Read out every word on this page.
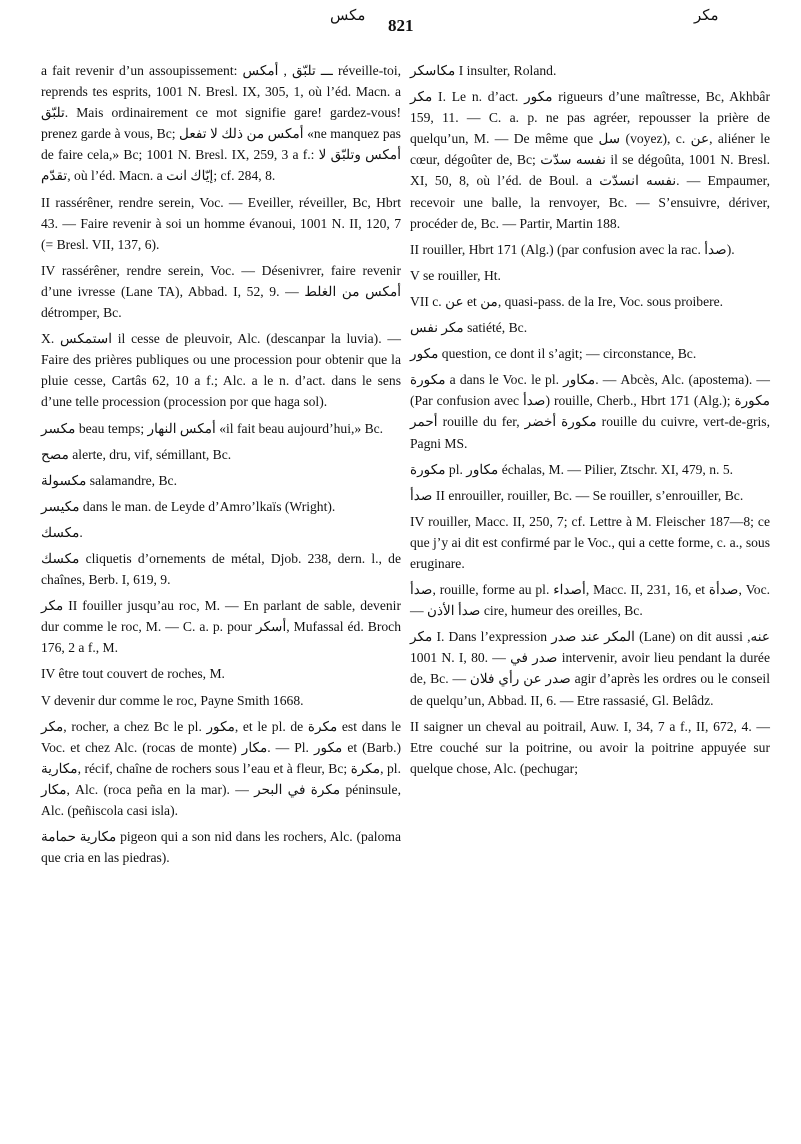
مكس
821
مكر

a fait revenir d’un assoupissement: ـــ تلبّق , أمكس réveille-toi, reprends tes esprits, 1001 N. Bresl. IX, 305, 1, où l’éd. Macn. a تلبّق. Mais ordinairement ce mot signifie gare! gardez-vous! prenez garde à vous, Bc; أمكس من ذلك لا تفعل «ne manquez pas de faire cela,» Bc; 1001 N. Bresl. IX, 259, 3 a f.: أمكس وتلبّق لا تقدّم, où l’éd. Macn. a إيّاك انت; cf. 284, 8.

II rassérêner, rendre serein, Voc. — Eveiller, réveiller, Bc, Hbrt 43. — Faire revenir à soi un homme évanoui, 1001 N. II, 120, 7 (= Bresl. VII, 137, 6).

IV rassérêner, rendre serein, Voc. — Désenivrer, faire revenir d’une ivresse (Lane TA), Abbad. I, 52, 9. — أمكس من الغلط détromper, Bc.

X. استمكس il cesse de pleuvoir, Alc. (descanpar la luvia). — Faire des prières publiques ou une procession pour obtenir que la pluie cesse, Cartâs 62, 10 a f.; Alc. a le n. d’act. dans le sens d’une telle procession (procession por que haga sol).

مكسر beau temps; أمكس النهار «il fait beau aujourd’hui,» Bc.

مصح alerte, dru, vif, sémillant, Bc.

مكسولة salamandre, Bc.

مكيسر dans le man. de Leyde d’Amro’lkaïs (Wright).

مكسك.

مكسك cliquetis d’ornements de métal, Djob. 238, dern. l., de chaînes, Berb. I, 619, 9.

مكر II fouiller jusqu’au roc, M. — En parlant de sable, devenir dur comme le roc, M. — C. a. p. pour أسكر, Mufassal éd. Broch 176, 2 a f., M.

IV être tout couvert de roches, M.

V devenir dur comme le roc, Payne Smith 1668.

مكر, rocher, a chez Bc le pl. مكور, et le pl. de مكرة est dans le Voc. et chez Alc. (rocas de monte) مكار. — Pl. مكور et (Barb.) مكارية, récif, chaîne de rochers sous l’eau et à fleur, Bc; مكرة, pl. مكار, Alc. (roca peña en la mar). — مكرة في البحر péninsule, Alc. (peñiscola casi isla).

مكارية حمامة pigeon qui a son nid dans les rochers, Alc. (paloma que cria en las piedras).

مكاسكر I insulter, Roland.

مكر I. Le n. d’act. مكور rigueurs d’une maîtresse, Bc, Akhbâr 159, 11. — C. a. p. ne pas agréer, repousser la prière de quelqu’un, M. — De même que سل (voyez), c. عن, aliéner le cœur, dégoûter de, Bc; نفسه سدّت il se dégoûta, 1001 N. Bresl. XI, 50, 8, où l’éd. de Boul. a نفسه انسدّت. — Empaumer, recevoir une balle, la renvoyer, Bc. — S’ensuivre, dériver, procéder de, Bc. — Partir, Martin 188.

II rouiller, Hbrt 171 (Alg.) (par confusion avec la rac. صدأ).

V se rouiller, Ht.

VII c. عن et من, quasi-pass. de la Ire, Voc. sous proibere.

مكر نفس satiété, Bc.

مكور question, ce dont il s’agit; — circonstance, Bc.

مكورة a dans le Voc. le pl. مكاور. — Abcès, Alc. (apostema). — (Par confusion avec صدأ) rouille, Cherb., Hbrt 171 (Alg.); مكورة أحمر rouille du fer, مكورة أخضر rouille du cuivre, vert-de-gris, Pagni MS.

مكورة pl. مكاور échalas, M. — Pilier, Ztschr. XI, 479, n. 5.

صدأ II enrouiller, rouiller, Bc. — Se rouiller, s’enrouiller, Bc.

IV rouiller, Macc. II, 250, 7; cf. Lettre à M. Fleischer 187—8; ce que j’y ai dit est confirmé par le Voc., qui a cette forme, c. a., sous eruginare.

صدأ, rouille, forme au pl. أصداء, Macc. II, 231, 16, et صدأة, Voc. — صدأ الأذن cire, humeur des oreilles, Bc.

مكر I. Dans l’expression المكر عند صدر (Lane) on dit aussi عنه, 1001 N. I, 80. — صدر في intervenir, avoir lieu pendant la durée de, Bc. — صدر عن رأي فلان agir d’après les ordres ou le conseil de quelqu’un, Abbad. II, 6. — Etre rassasié, Gl. Belâdz.

II saigner un cheval au poitrail, Auw. I, 34, 7 a f., II, 672, 4. — Etre couché sur la poitrine, ou avoir la poitrine appuyée sur quelque chose, Alc. (pechugar;
